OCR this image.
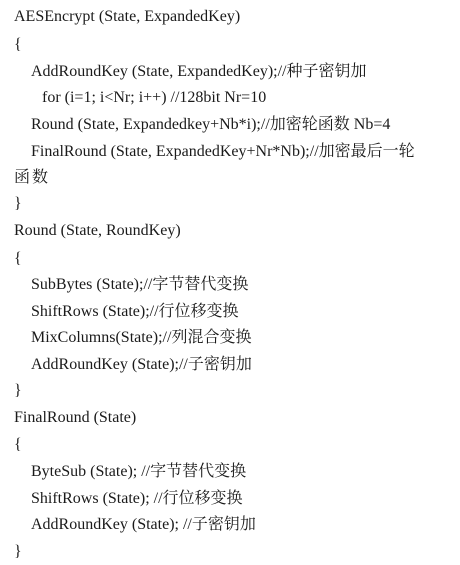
AESEncrypt (State, ExpandedKey)
{
AddRoundKey (State, ExpandedKey);//种子密钥加
for (i=1; i<Nr; i++) //128bit Nr=10
Round (State, Expandedkey+Nb*i);//加密轮函数 Nb=4
FinalRound (State, ExpandedKey+Nr*Nb);//加密最后一轮
函数
}
Round (State, RoundKey)
{
SubBytes (State);//字节替代变换
ShiftRows (State);//行位移变换
MixColumns(State);//列混合变换
AddRoundKey (State);//子密钥加
}
FinalRound (State)
{
ByteSub (State); //字节替代变换
ShiftRows (State); //行位移变换
AddRoundKey (State); //子密钥加
}
